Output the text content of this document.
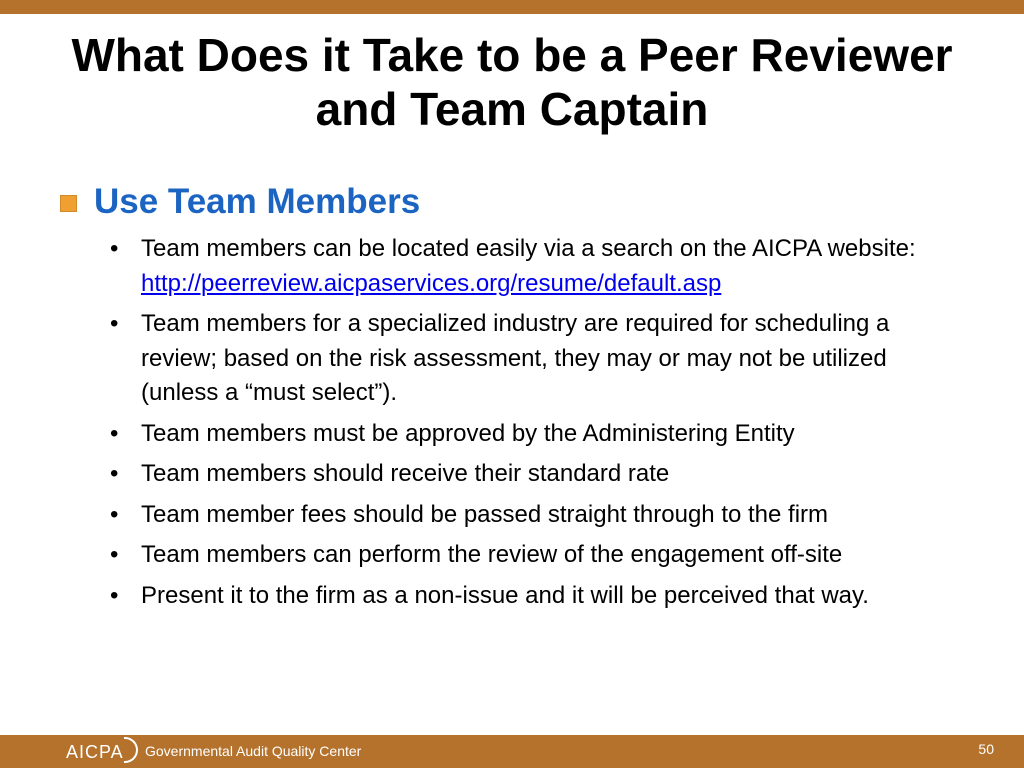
What Does it Take to be a Peer Reviewer
and Team Captain
Use Team Members
• Team members can be located easily via a search on the AICPA website: http://peerreview.aicpaservices.org/resume/default.asp
• Team members for a specialized industry are required for scheduling a review; based on the risk assessment, they may or may not be utilized (unless a “must select”).
• Team members must be approved by the Administering Entity
• Team members should receive their standard rate
• Team member fees should be passed straight through to the firm
• Team members can perform the review of the engagement off-site
• Present it to the firm as a non-issue and it will be perceived that way.
AICPA	Governmental Audit Quality Center	50
